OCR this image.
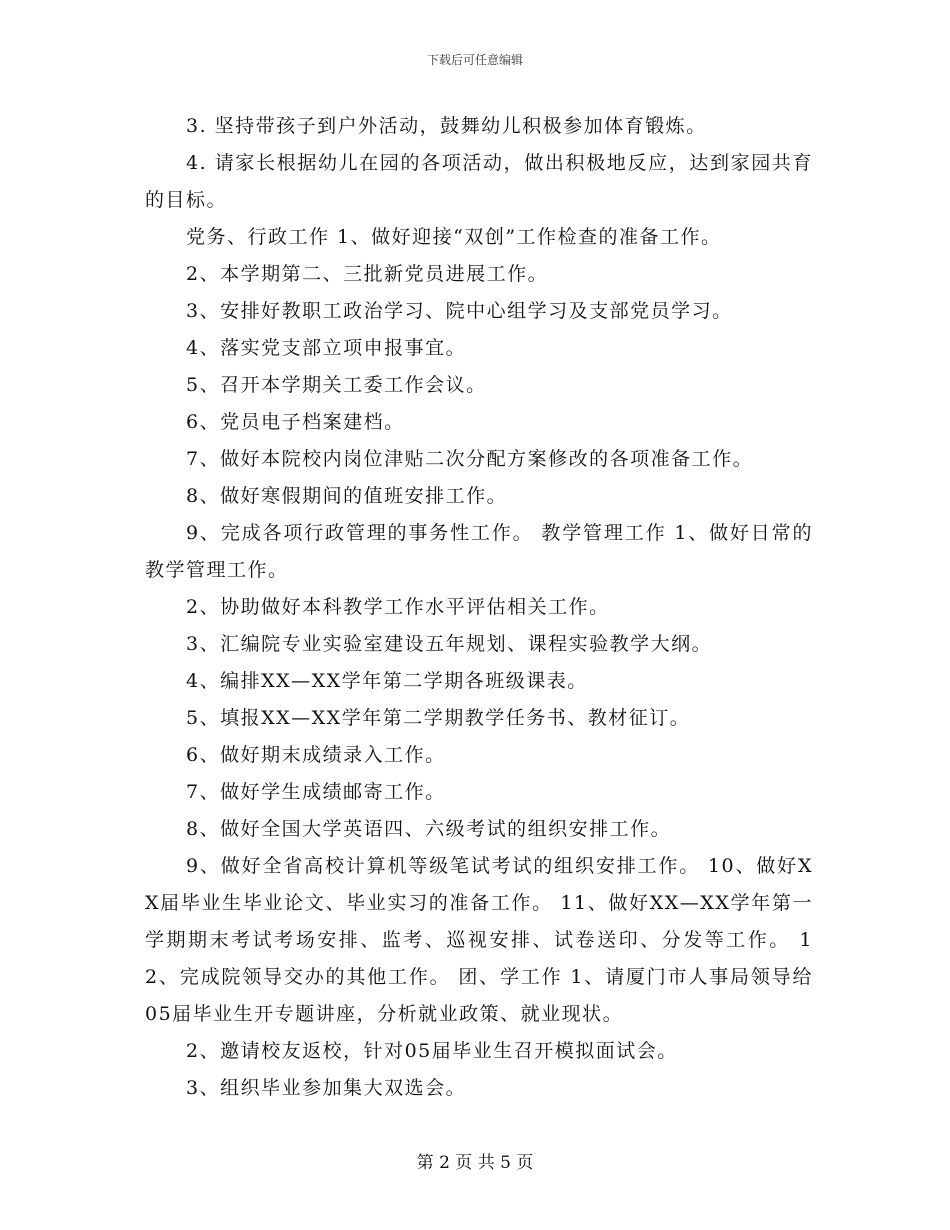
下载后可任意编辑

3. 坚持带孩子到户外活动，鼓舞幼儿积极参加体育锻炼。

4. 请家长根据幼儿在园的各项活动，做出积极地反应，达到家园共育的目标。

党务、行政工作 1、做好迎接“双创”工作检查的准备工作。

2、本学期第二、三批新党员进展工作。

3、安排好教职工政治学习、院中心组学习及支部党员学习。

4、落实党支部立项申报事宜。

5、召开本学期关工委工作会议。

6、党员电子档案建档。

7、做好本院校内岗位津贴二次分配方案修改的各项准备工作。

8、做好寒假期间的值班安排工作。

9、完成各项行政管理的事务性工作。 教学管理工作 1、做好日常的教学管理工作。

2、协助做好本科教学工作水平评估相关工作。

3、汇编院专业实验室建设五年规划、课程实验教学大纲。

4、编排XX—XX学年第二学期各班级课表。

5、填报XX—XX学年第二学期教学任务书、教材征订。

6、做好期末成绩录入工作。

7、做好学生成绩邮寄工作。

8、做好全国大学英语四、六级考试的组织安排工作。

9、做好全省高校计算机等级笔试考试的组织安排工作。 10、做好XX届毕业生毕业论文、毕业实习的准备工作。 11、做好XX—XX学年第一学期期末考试考场安排、监考、巡视安排、试卷送印、分发等工作。 12、完成院领导交办的其他工作。 团、学工作 1、请厦门市人事局领导给05届毕业生开专题讲座，分析就业政策、就业现状。

2、邀请校友返校，针对05届毕业生召开模拟面试会。

3、组织毕业参加集大双选会。

第 2 页 共 5 页
